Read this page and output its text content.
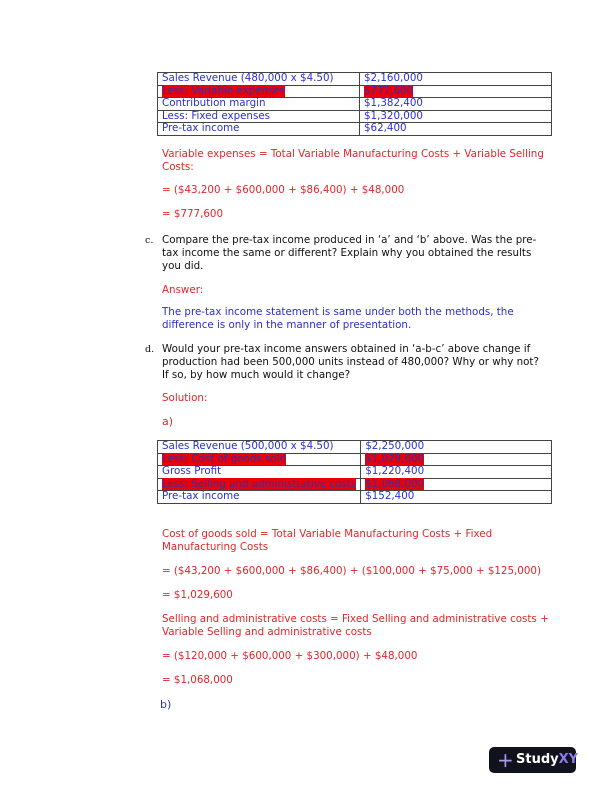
Sales Revenue (480,000 x $4.50)	$2,160,000
Less: Variable expenses	$777,600
Contribution margin	$1,382,400
Less: Fixed expenses	$1,320,000
Pre-tax income	$62,400
Variable expenses = Total Variable Manufacturing Costs + Variable Selling
Costs:
= ($43,200 + $600,000 + $86,400) + $48,000
= $777,600
c. Compare the pre-tax income produced in ‘a’ and ‘b’ above. Was the pre-
tax income the same or different? Explain why you obtained the results
you did.
Answer:
The pre-tax income statement is same under both the methods, the
difference is only in the manner of presentation.
d. Would your pre-tax income answers obtained in ‘a-b-c’ above change if
production had been 500,000 units instead of 480,000? Why or why not?
If so, by how much would it change?
Solution:
a)
Sales Revenue (500,000 x $4.50)	$2,250,000
Less: Cost of goods sold	$1,029,600
Gross Profit	$1,220,400
Less: Selling and administrative costs	$1,068,000
Pre-tax income	$152,400
Cost of goods sold = Total Variable Manufacturing Costs + Fixed
Manufacturing Costs
= ($43,200 + $600,000 + $86,400) + ($100,000 + $75,000 + $125,000)
= $1,029,600
Selling and administrative costs = Fixed Selling and administrative costs +
Variable Selling and administrative costs
= ($120,000 + $600,000 + $300,000) + $48,000
= $1,068,000
b)
+ StudyXY
